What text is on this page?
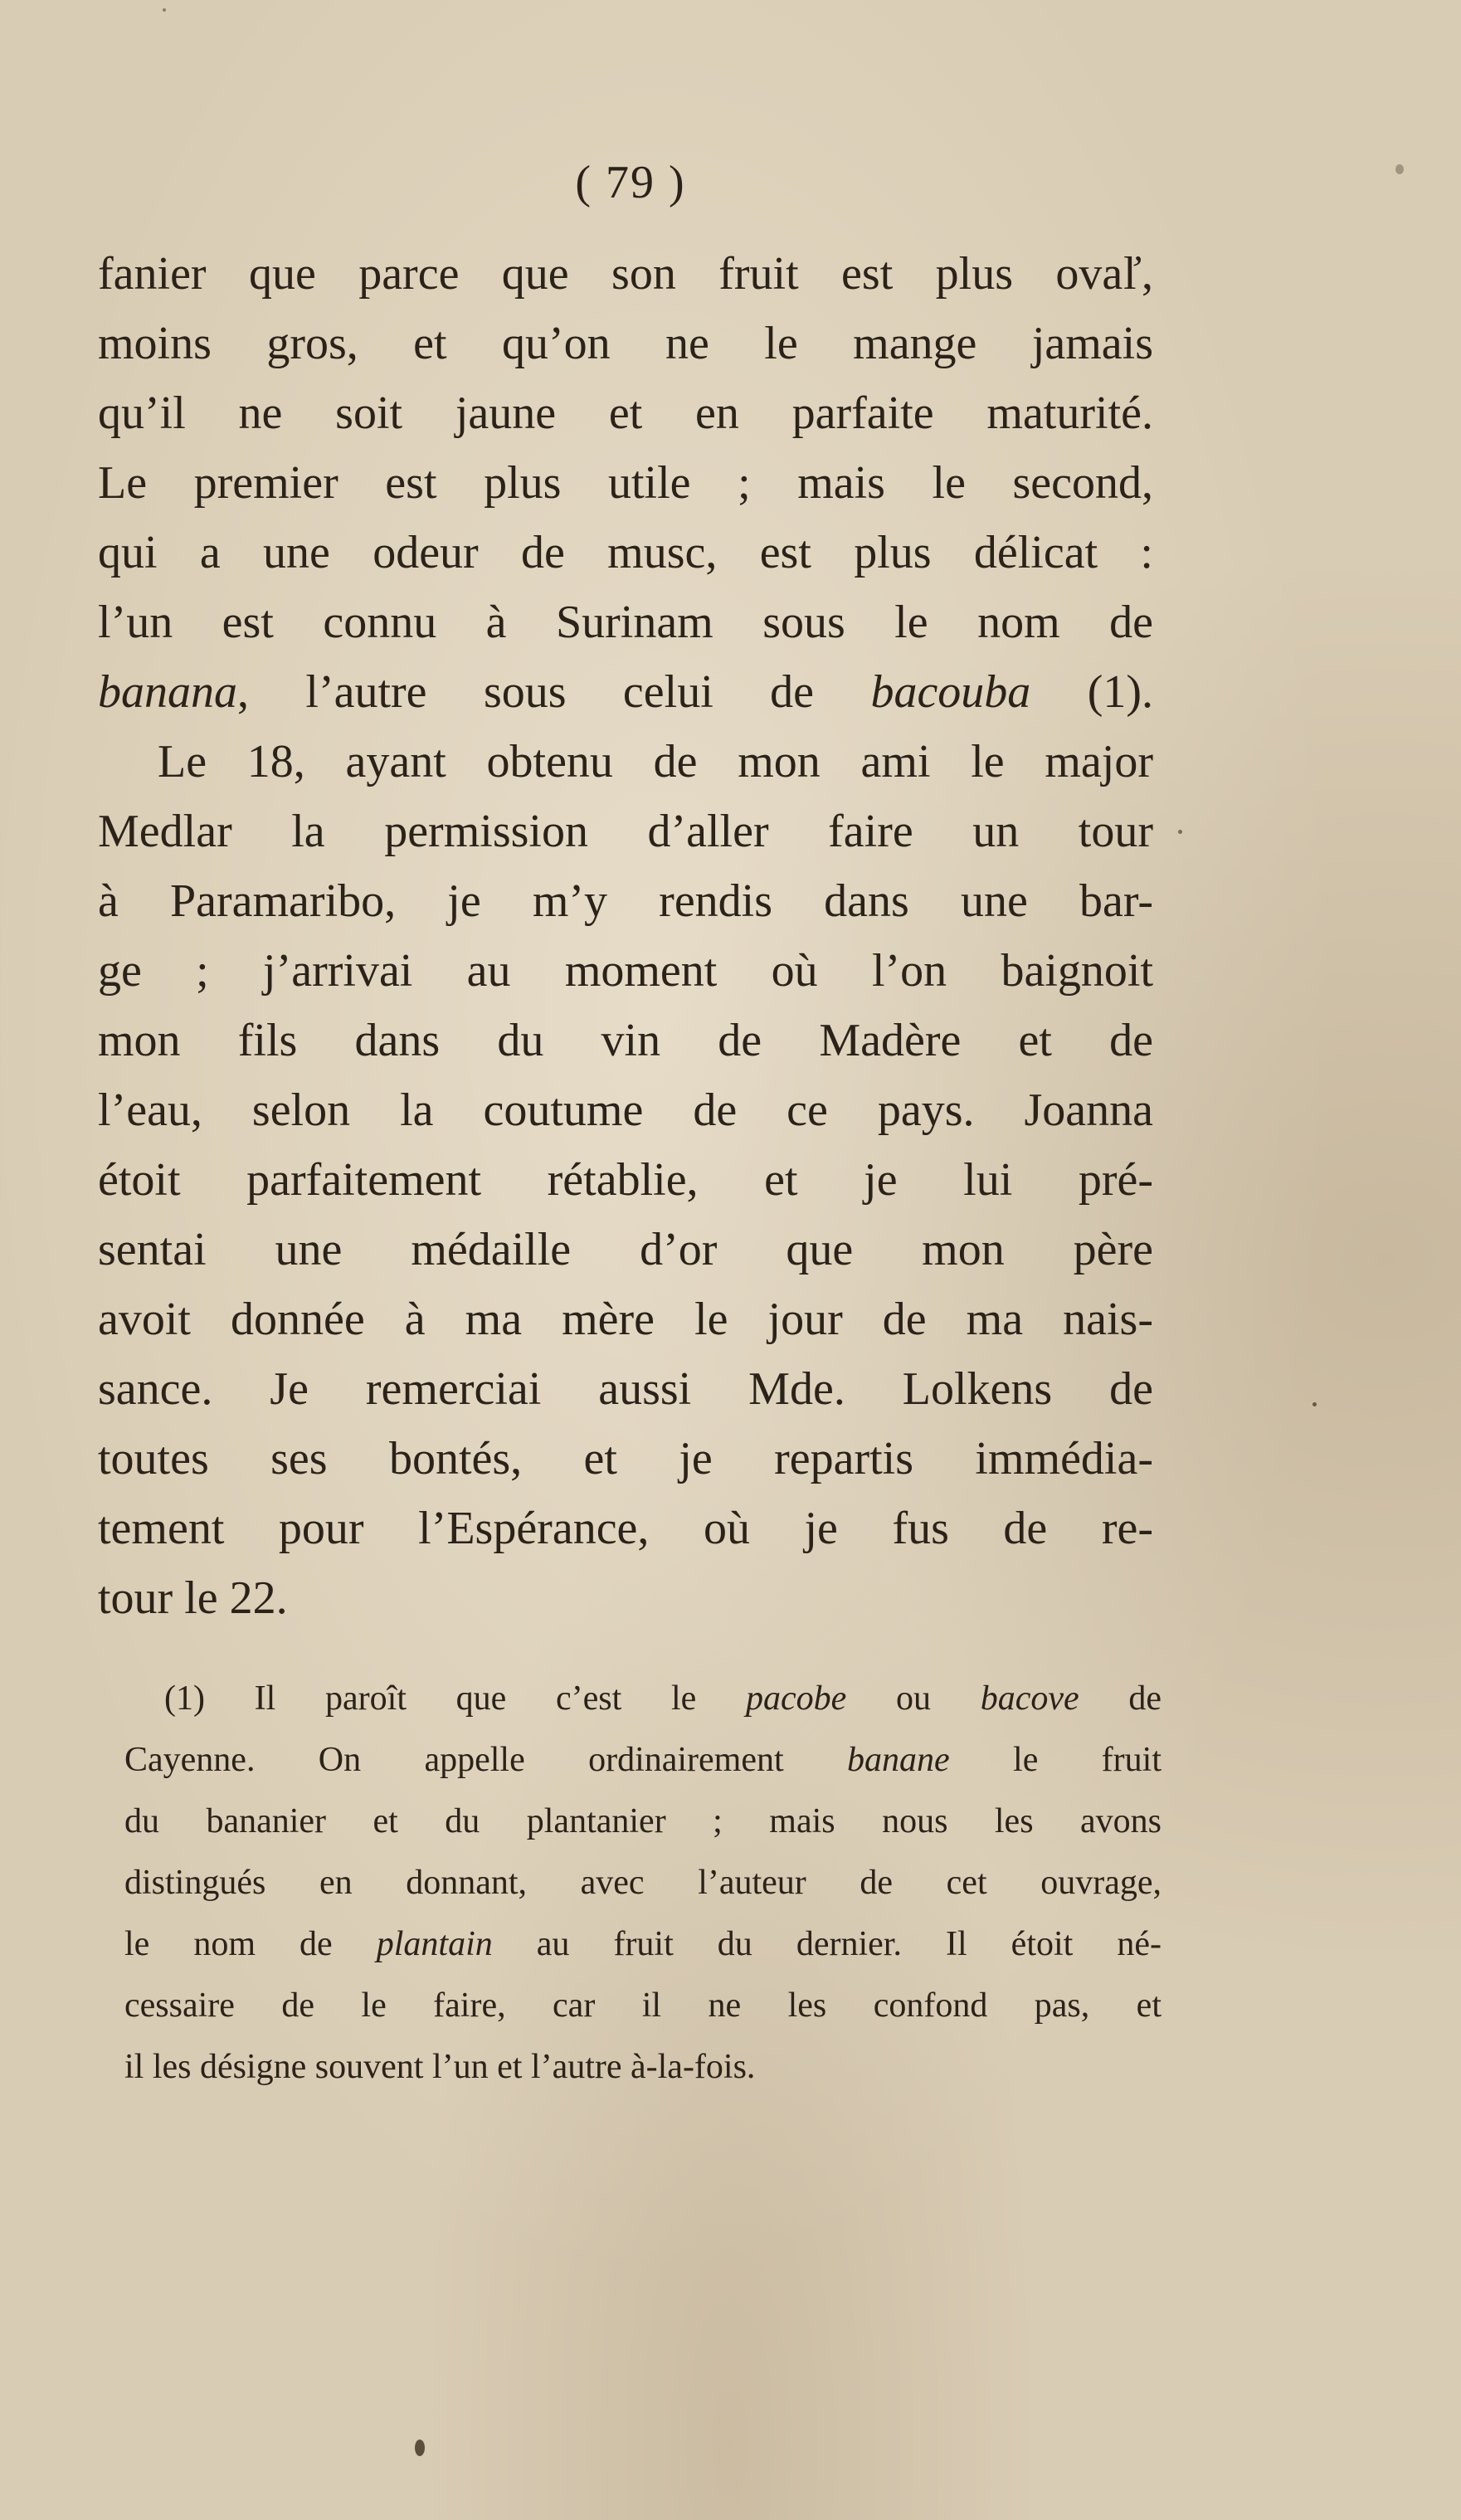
( 79 )
fanier que parce que son fruit est plus ovaľ,
moins gros, et qu’on ne le mange jamais
qu’il ne soit jaune et en parfaite maturité.
Le premier est plus utile ; mais le second,
qui a une odeur de musc, est plus délicat :
l’un est connu à Surinam sous le nom de
banana, l’autre sous celui de bacouba (1).
Le 18, ayant obtenu de mon ami le major
Medlar la permission d’aller faire un tour
à Paramaribo, je m’y rendis dans une bar-
ge ; j’arrivai au moment où l’on baignoit
mon fils dans du vin de Madère et de
l’eau, selon la coutume de ce pays. Joanna
étoit parfaitement rétablie, et je lui pré-
sentai une médaille d’or que mon père
avoit donnée à ma mère le jour de ma nais-
sance. Je remerciai aussi Mde. Lolkens de
toutes ses bontés, et je repartis immédia-
tement pour l’Espérance, où je fus de re-
tour le 22.
(1) Il paroît que c’est le pacobe ou bacove de
Cayenne. On appelle ordinairement banane le fruit
du bananier et du plantanier ; mais nous les avons
distingués en donnant, avec l’auteur de cet ouvrage,
le nom de plantain au fruit du dernier. Il étoit né-
cessaire de le faire, car il ne les confond pas, et
il les désigne souvent l’un et l’autre à-la-fois.
